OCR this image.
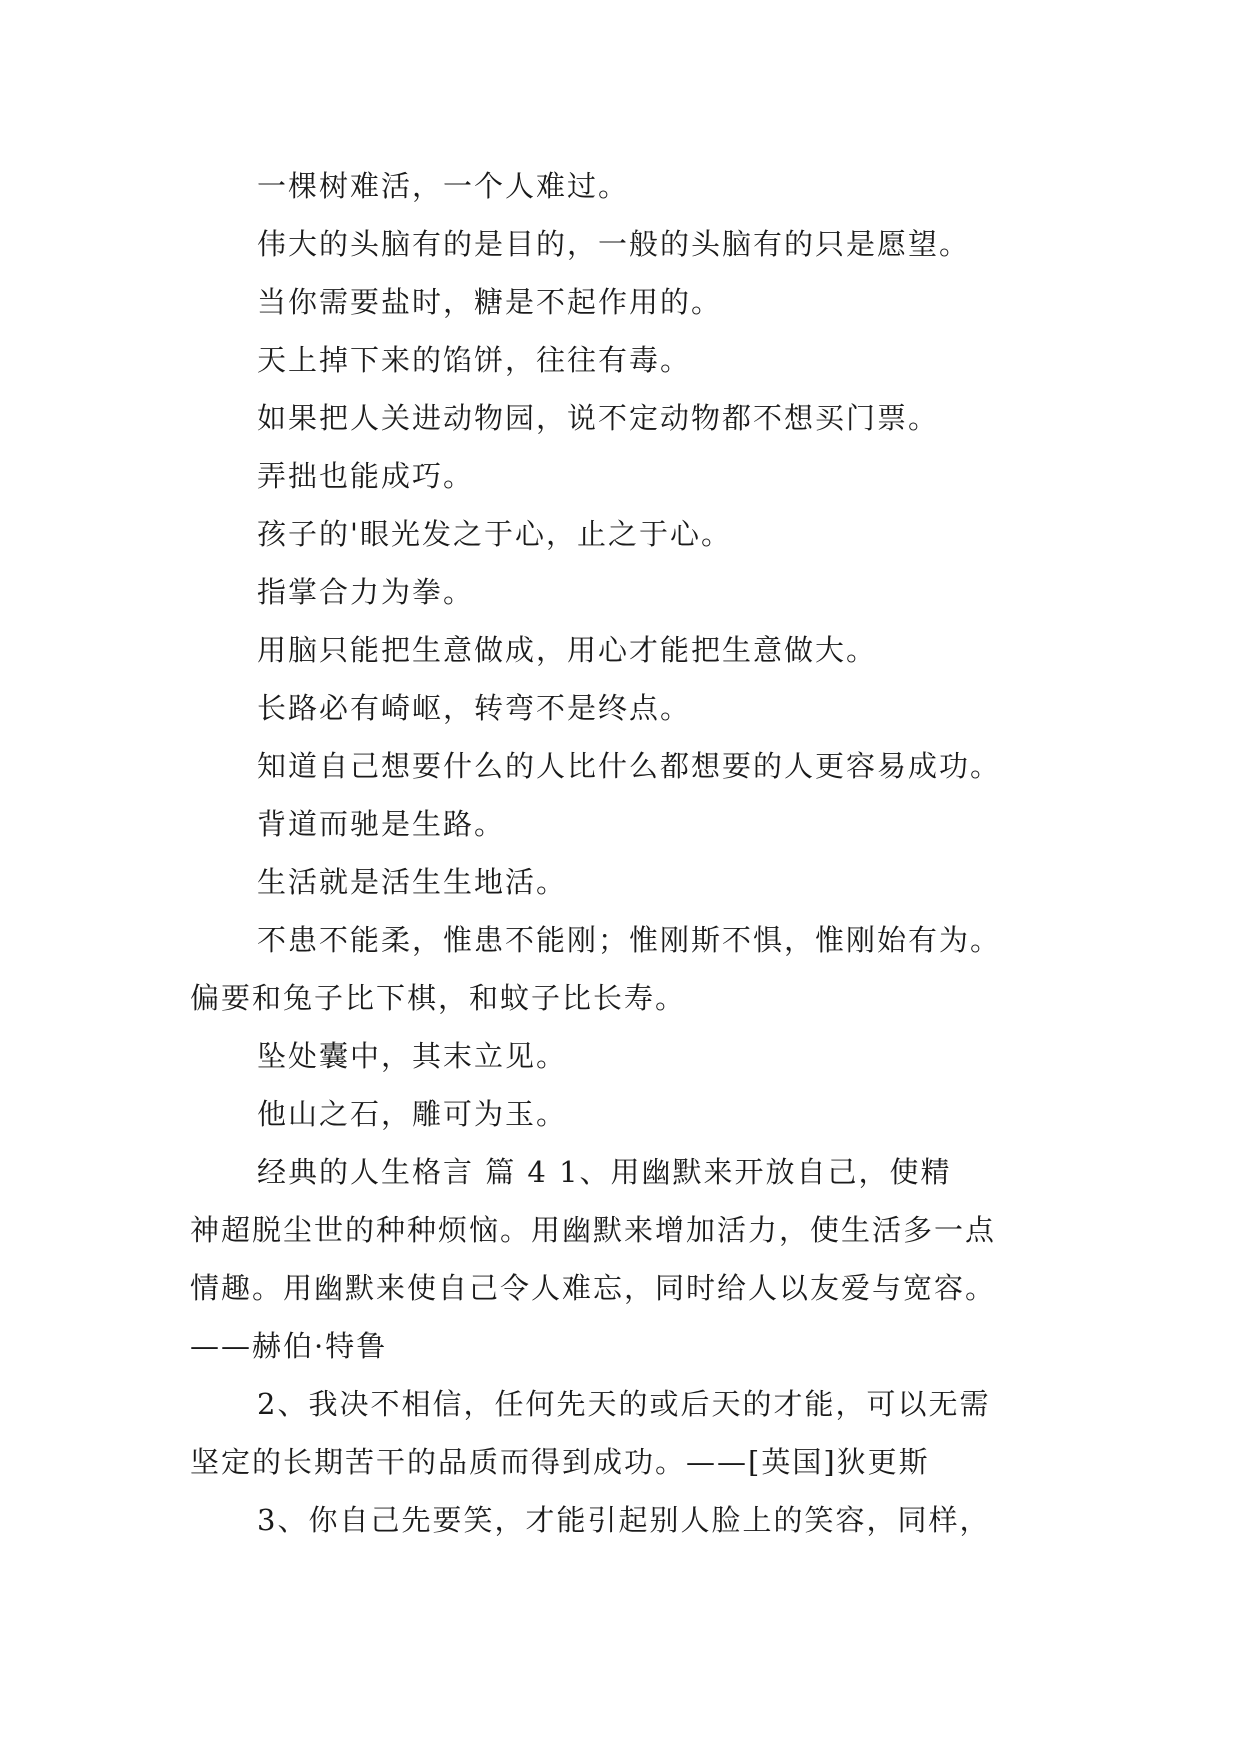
一棵树难活，一个人难过。
伟大的头脑有的是目的，一般的头脑有的只是愿望。
当你需要盐时，糖是不起作用的。
天上掉下来的馅饼，往往有毒。
如果把人关进动物园，说不定动物都不想买门票。
弄拙也能成巧。
孩子的'眼光发之于心，止之于心。
指掌合力为拳。
用脑只能把生意做成，用心才能把生意做大。
长路必有崎岖，转弯不是终点。
知道自己想要什么的人比什么都想要的人更容易成功。
背道而驰是生路。
生活就是活生生地活。
不患不能柔，惟患不能刚；惟刚斯不惧，惟刚始有为。
偏要和兔子比下棋，和蚊子比长寿。
坠处囊中，其末立见。
他山之石，雕可为玉。
经典的人生格言 篇 4 1、用幽默来开放自己，使精
神超脱尘世的种种烦恼。用幽默来增加活力，使生活多一点
情趣。用幽默来使自己令人难忘，同时给人以友爱与宽容。
——赫伯·特鲁
2、我决不相信，任何先天的或后天的才能，可以无需
坚定的长期苦干的品质而得到成功。——[英国]狄更斯
3、你自己先要笑，才能引起别人脸上的笑容，同样，
